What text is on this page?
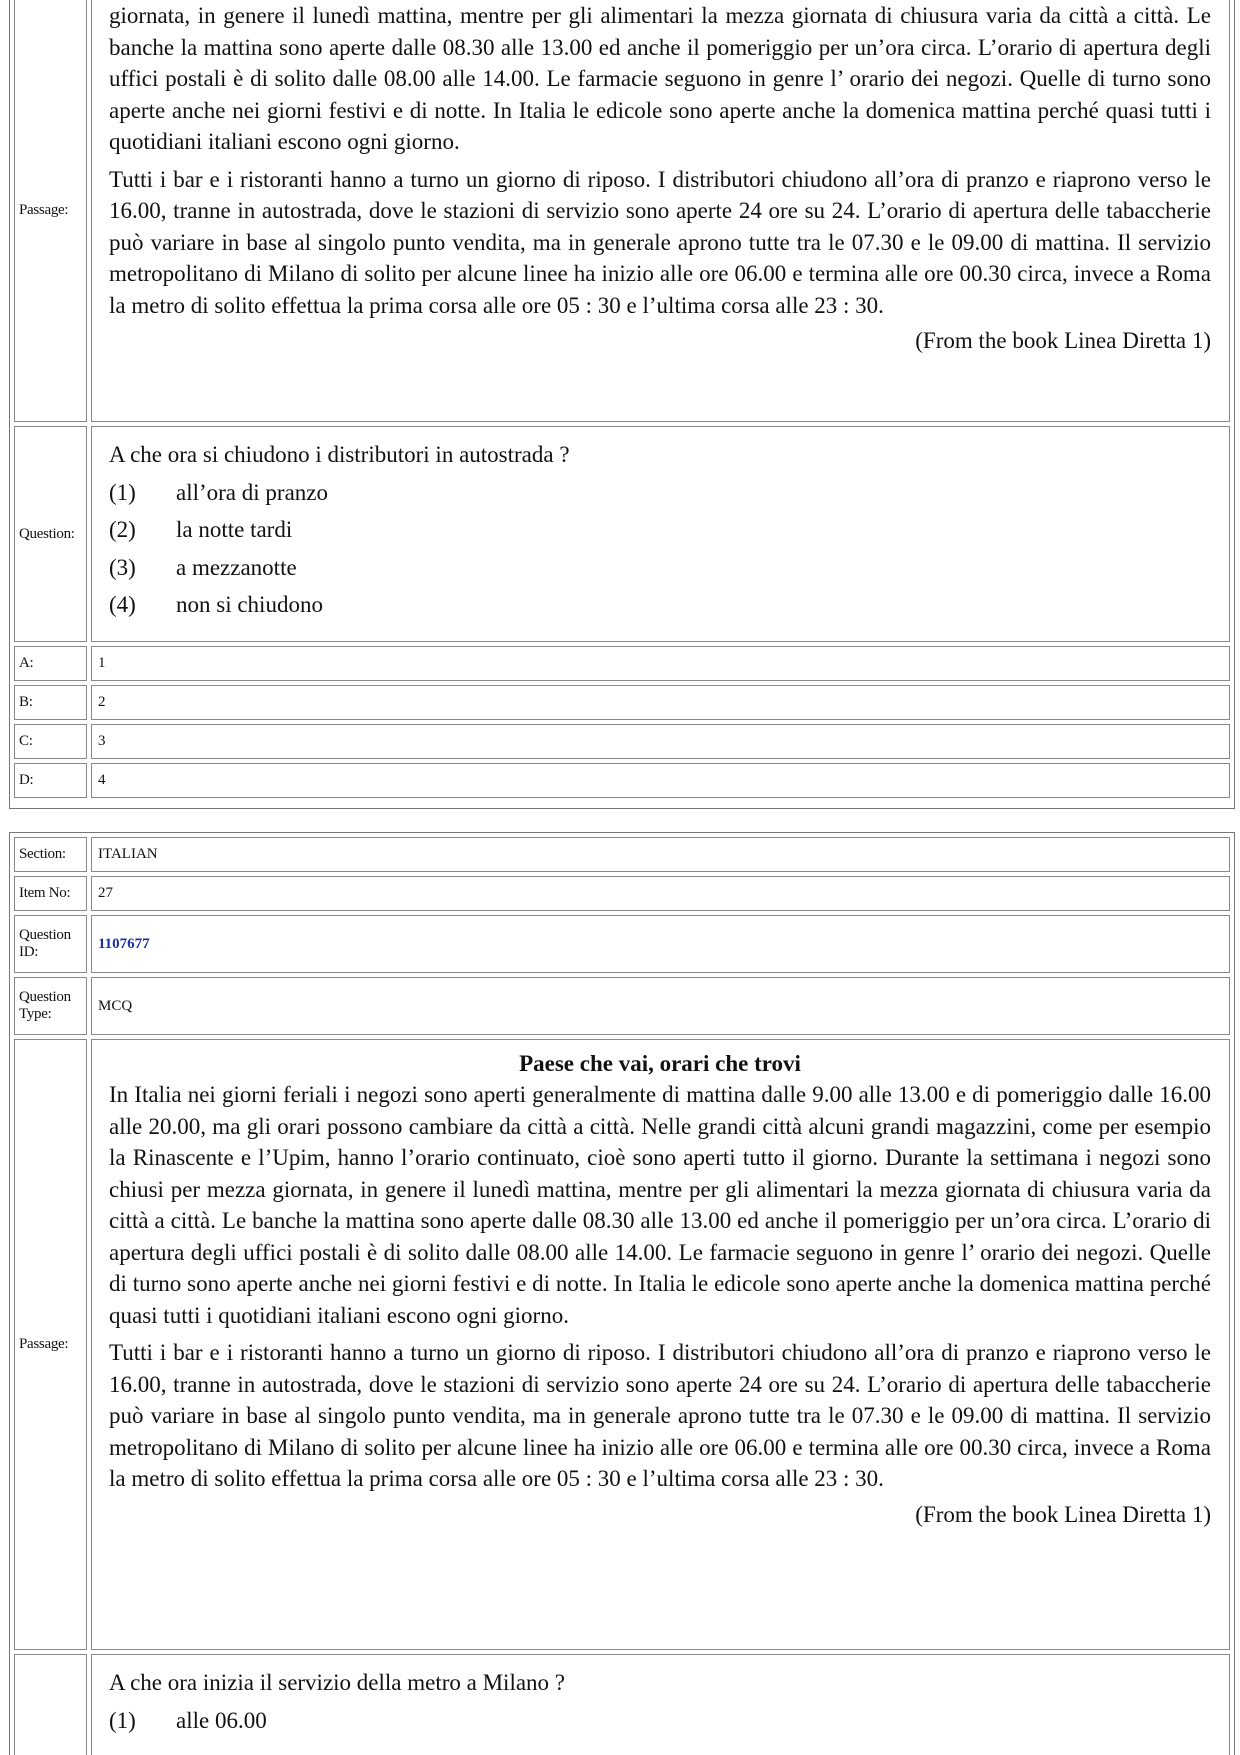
Passage:

giornata, in genere il lunedì mattina, mentre per gli alimentari la mezza giornata di chiusura varia da città a città. Le banche la mattina sono aperte dalle 08.30 alle 13.00 ed anche il pomeriggio per un’ora circa. L’orario di apertura degli uffici postali è di solito dalle 08.00 alle 14.00. Le farmacie seguono in genre l’ orario dei negozi. Quelle di turno sono aperte anche nei giorni festivi e di notte. In Italia le edicole sono aperte anche la domenica mattina perché quasi tutti i quotidiani italiani escono ogni giorno.

Tutti i bar e i ristoranti hanno a turno un giorno di riposo. I distributori chiudono all’ora di pranzo e riaprono verso le 16.00, tranne in autostrada, dove le stazioni di servizio sono aperte 24 ore su 24. L’orario di apertura delle tabaccherie può variare in base al singolo punto vendita, ma in generale aprono tutte tra le 07.30 e le 09.00 di mattina. Il servizio metropolitano di Milano di solito per alcune linee ha inizio alle ore 06.00 e termina alle ore 00.30 circa, invece a Roma la metro di solito effettua la prima corsa alle ore 05 : 30 e l’ultima corsa alle 23 : 30.

(From the book Linea Diretta 1)
Question:
A che ora si chiudono i distributori in autostrada ?
(1)	all’ora di pranzo
(2)	la notte tardi
(3)	a mezzanotte
(4)	non si chiudono
A:	1
B:	2
C:	3
D:	4
Section:	ITALIAN
Item No:	27
Question ID:
1107677
Question Type:
MCQ
Passage:
Paese che vai, orari che trovi

In Italia nei giorni feriali i negozi sono aperti generalmente di mattina dalle 9.00 alle 13.00 e di pomeriggio dalle 16.00 alle 20.00, ma gli orari possono cambiare da città a città. Nelle grandi città alcuni grandi magazzini, come per esempio la Rinascente e l’Upim, hanno l’orario continuato, cioè sono aperti tutto il giorno. Durante la settimana i negozi sono chiusi per mezza giornata, in genere il lunedì mattina, mentre per gli alimentari la mezza giornata di chiusura varia da città a città. Le banche la mattina sono aperte dalle 08.30 alle 13.00 ed anche il pomeriggio per un’ora circa. L’orario di apertura degli uffici postali è di solito dalle 08.00 alle 14.00. Le farmacie seguono in genre l’ orario dei negozi. Quelle di turno sono aperte anche nei giorni festivi e di notte. In Italia le edicole sono aperte anche la domenica mattina perché quasi tutti i quotidiani italiani escono ogni giorno.

Tutti i bar e i ristoranti hanno a turno un giorno di riposo. I distributori chiudono all’ora di pranzo e riaprono verso le 16.00, tranne in autostrada, dove le stazioni di servizio sono aperte 24 ore su 24. L’orario di apertura delle tabaccherie può variare in base al singolo punto vendita, ma in generale aprono tutte tra le 07.30 e le 09.00 di mattina. Il servizio metropolitano di Milano di solito per alcune linee ha inizio alle ore 06.00 e termina alle ore 00.30 circa, invece a Roma la metro di solito effettua la prima corsa alle ore 05 : 30 e l’ultima corsa alle 23 : 30.

(From the book Linea Diretta 1)
A che ora inizia il servizio della metro a Milano ?
(1)	alle 06.00
